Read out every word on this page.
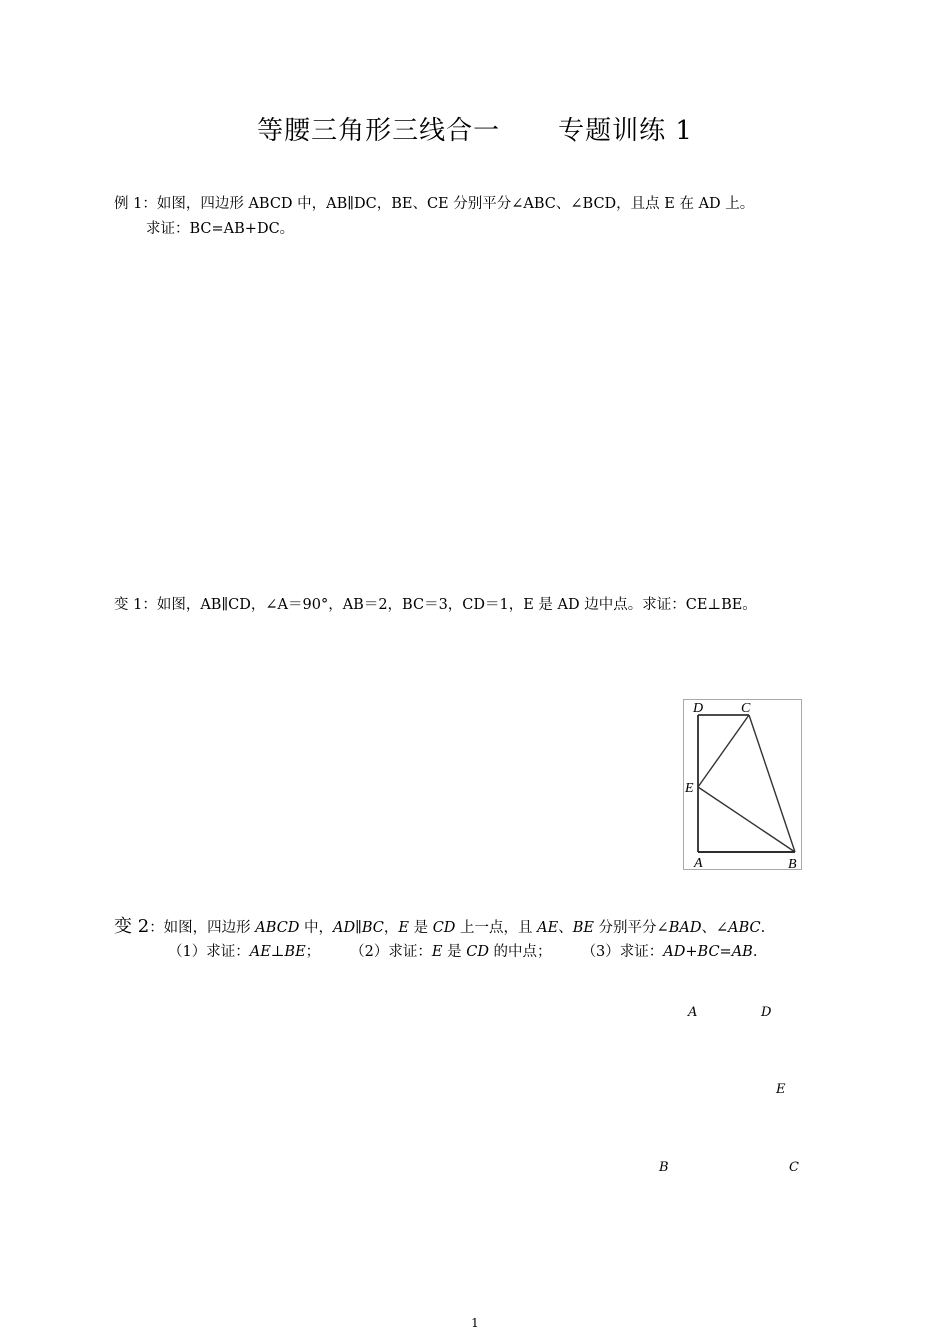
等腰三角形三线合一 专题训练 1
例 1：如图，四边形 ABCD 中，AB∥DC，BE、CE 分别平分∠ABC、∠BCD，且点 E 在 AD 上。
求证：BC=AB+DC。
变 1：如图，AB∥CD，∠A＝90°，AB＝2，BC＝3，CD＝1，E 是 AD 边中点。求证：CE⊥BE。
D	C
E
A	B
变 2：如图，四边形 ABCD 中，AD∥BC，E 是 CD 上一点，且 AE、BE 分别平分∠BAD、∠ABC.
（1）求证：AE⊥BE； （2）求证：E 是 CD 的中点； （3）求证：AD+BC=AB.
A	D
E
B	C
1
